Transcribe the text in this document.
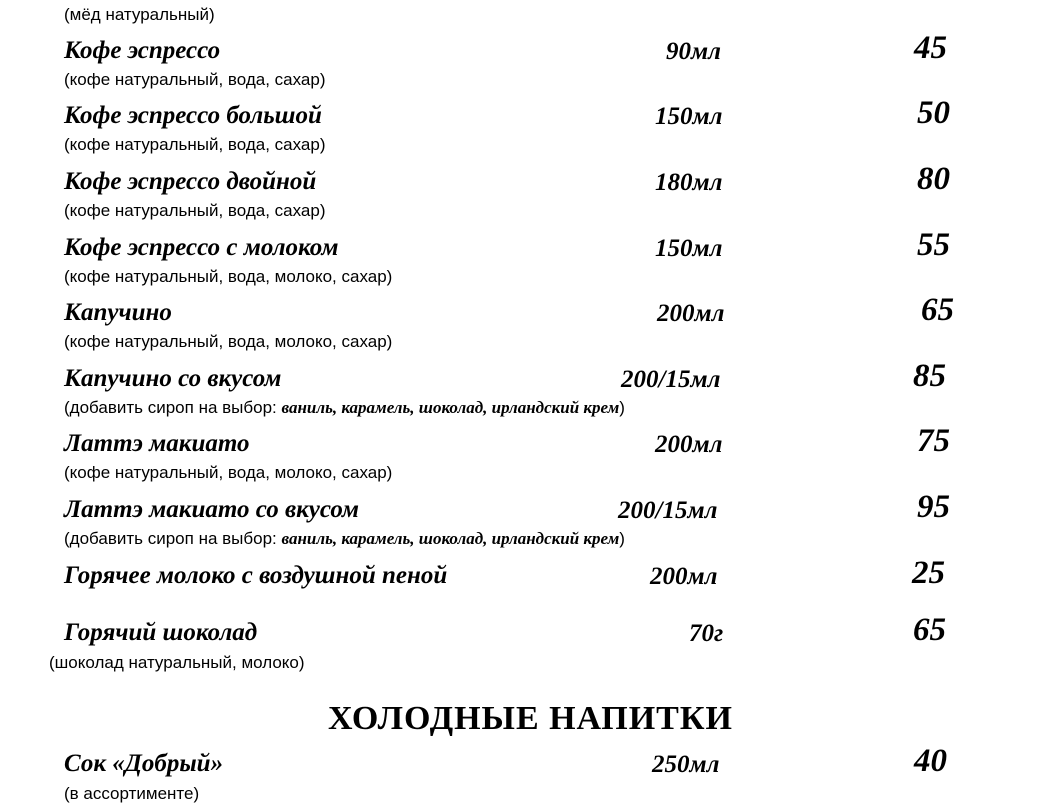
(мёд натуральный)
Кофе эспрессо	90мл	45
(кофе натуральный, вода, сахар)
Кофе эспрессо большой	150мл	50
(кофе натуральный, вода, сахар)
Кофе эспрессо двойной	180мл	80
(кофе натуральный, вода, сахар)
Кофе эспрессо с молоком	150мл	55
(кофе натуральный, вода, молоко, сахар)
Капучино	200мл	65
(кофе натуральный, вода, молоко, сахар)
Капучино со вкусом	200/15мл	85
(добавить сироп на выбор: ваниль, карамель, шоколад, ирландский крем)
Латтэ макиато	200мл	75
(кофе натуральный, вода, молоко, сахар)
Латтэ макиато со вкусом	200/15мл	95
(добавить сироп на выбор: ваниль, карамель, шоколад, ирландский крем)
Горячее молоко с воздушной пеной	200мл	25
Горячий шоколад	70г	65
(шоколад натуральный, молоко)
ХОЛОДНЫЕ НАПИТКИ
Сок «Добрый»	250мл	40
(в ассортименте)
